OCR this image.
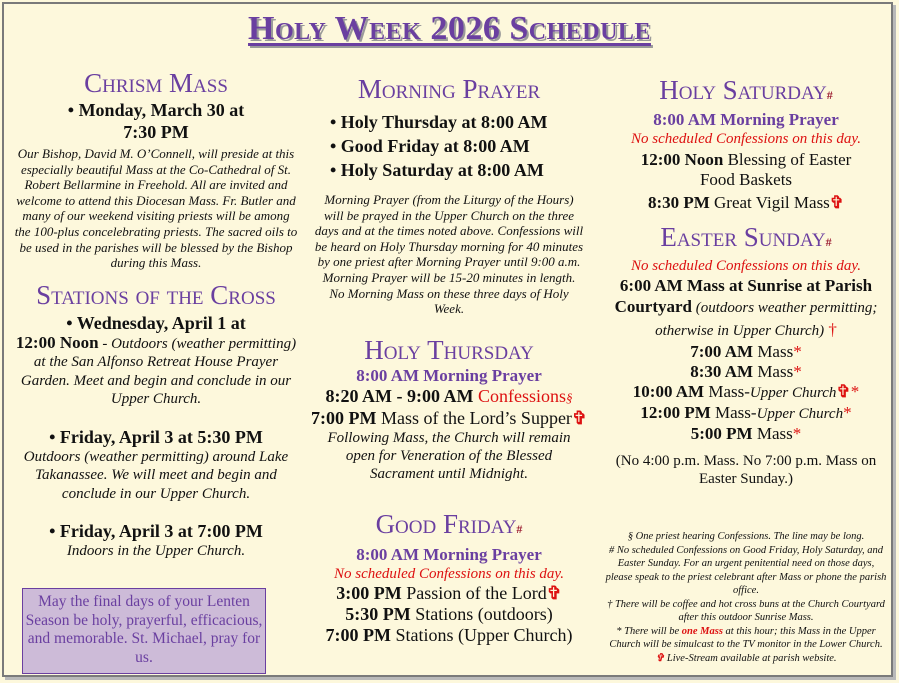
Holy Week 2026 Schedule
Chrism Mass
• Monday, March 30 at
7:30 PM
Our Bishop, David M. O’Connell, will preside at this especially beautiful Mass at the Co-Cathedral of St. Robert Bellarmine in Freehold. All are invited and welcome to attend this Diocesan Mass. Fr. Butler and many of our weekend visiting priests will be among the 100-plus concelebrating priests. The sacred oils to be used in the parishes will be blessed by the Bishop during this Mass.
Stations of the Cross
• Wednesday, April 1 at
12:00 Noon - Outdoors (weather permitting) at the San Alfonso Retreat House Prayer Garden. Meet and begin and conclude in our Upper Church.
• Friday, April 3 at 5:30 PM
Outdoors (weather permitting) around Lake Takanassee. We will meet and begin and conclude in our Upper Church.
• Friday, April 3 at 7:00 PM
Indoors in the Upper Church.
May the final days of your Lenten Season be holy, prayerful, efficacious, and memorable. St. Michael, pray for us.
Morning Prayer
• Holy Thursday at 8:00 AM
• Good Friday at 8:00 AM
• Holy Saturday at 8:00 AM
Morning Prayer (from the Liturgy of the Hours) will be prayed in the Upper Church on the three days and at the times noted above. Confessions will be heard on Holy Thursday morning for 40 minutes by one priest after Morning Prayer until 9:00 a.m. Morning Prayer will be 15-20 minutes in length. No Morning Mass on these three days of Holy Week.
Holy Thursday
8:00 AM Morning Prayer
8:20 AM - 9:00 AM Confessions§
7:00 PM Mass of the Lord’s Supper✞
Following Mass, the Church will remain open for Veneration of the Blessed Sacrament until Midnight.
Good Friday#
8:00 AM Morning Prayer
No scheduled Confessions on this day.
3:00 PM Passion of the Lord✞
5:30 PM Stations (outdoors)
7:00 PM Stations (Upper Church)
Holy Saturday#
8:00 AM Morning Prayer
No scheduled Confessions on this day.
12:00 Noon Blessing of Easter Food Baskets
8:30 PM Great Vigil Mass✞
Easter Sunday#
No scheduled Confessions on this day.
6:00 AM Mass at Sunrise at Parish Courtyard (outdoors weather permitting; otherwise in Upper Church) †
7:00 AM Mass*
8:30 AM Mass*
10:00 AM Mass-Upper Church✞*
12:00 PM Mass-Upper Church*
5:00 PM Mass*
(No 4:00 p.m. Mass. No 7:00 p.m. Mass on Easter Sunday.)
§ One priest hearing Confessions. The line may be long.
# No scheduled Confessions on Good Friday, Holy Saturday, and Easter Sunday. For an urgent penitential need on those days, please speak to the priest celebrant after Mass or phone the parish office.
† There will be coffee and hot cross buns at the Church Courtyard after this outdoor Sunrise Mass.
* There will be one Mass at this hour; this Mass in the Upper Church will be simulcast to the TV monitor in the Lower Church.
✞ Live-Stream available at parish website.
